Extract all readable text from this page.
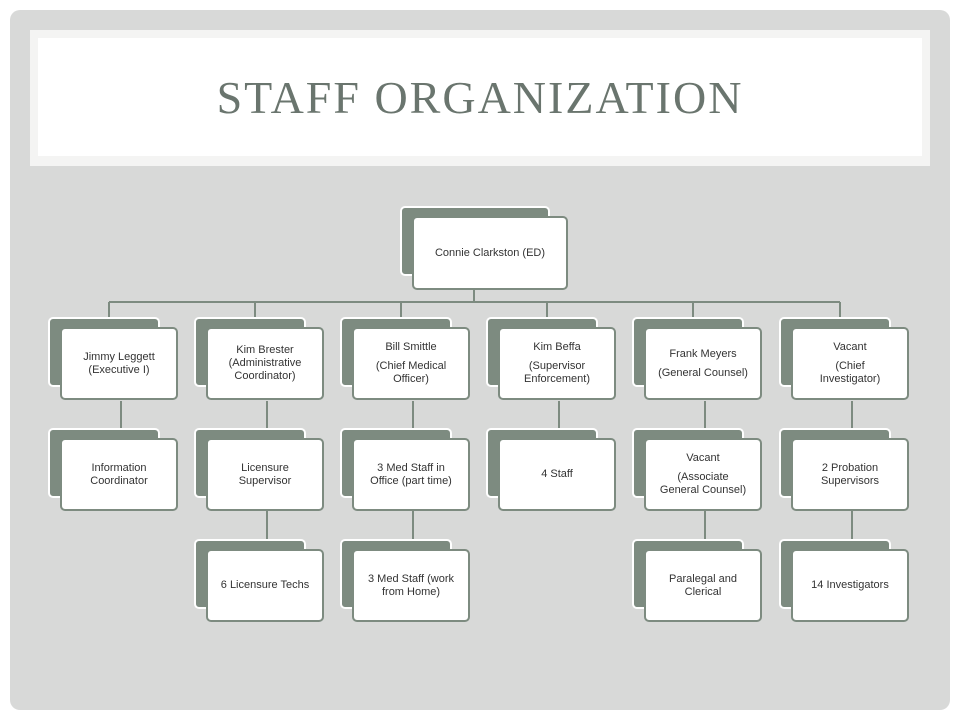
STAFF ORGANIZATION
Connie Clarkston (ED)
Jimmy Leggett
(Executive I)
Information
Coordinator
Kim Brester
(Administrative
Coordinator)
Licensure
Supervisor
6 Licensure Techs
Bill Smittle
(Chief Medical
Officer)
3 Med Staff in
Office (part time)
3 Med Staff (work
from Home)
Kim Beffa
(Supervisor
Enforcement)
4 Staff
Frank Meyers
(General Counsel)
Vacant
(Associate
General Counsel)
Paralegal and
Clerical
Vacant
(Chief
Investigator)
2 Probation
Supervisors
14 Investigators
